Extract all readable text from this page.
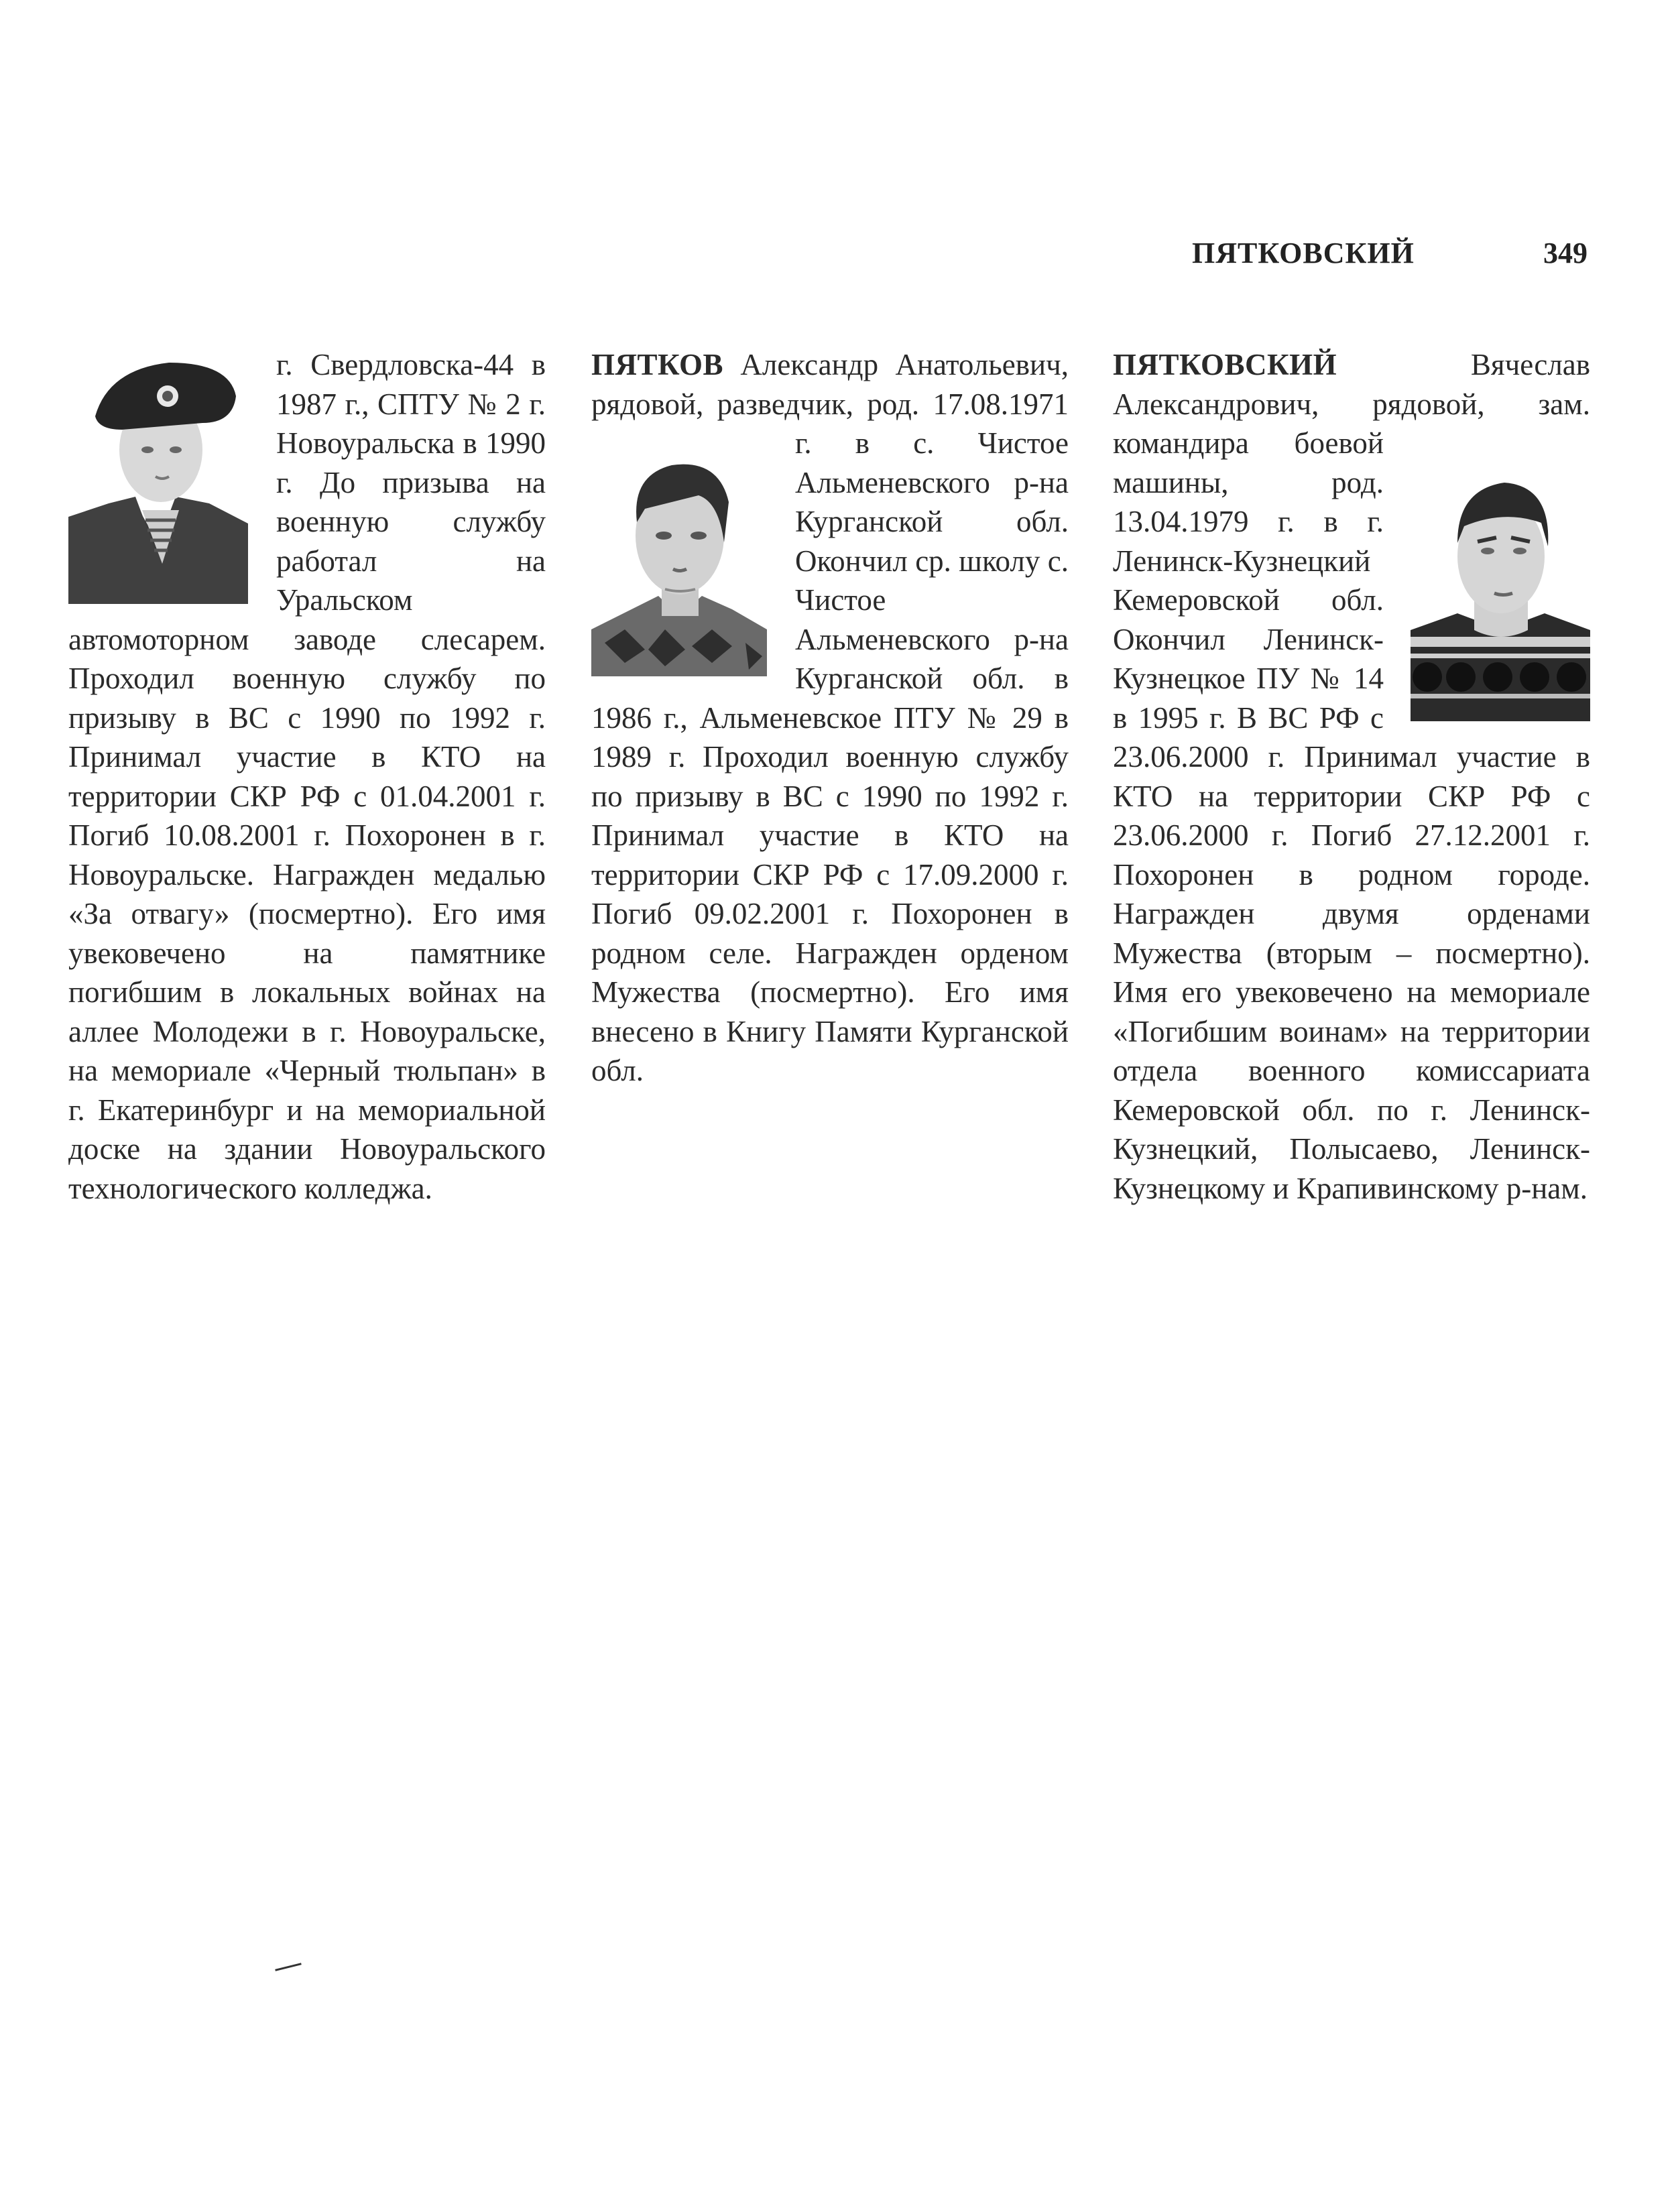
ПЯТКОВСКИЙ	349

г. Свердловска-44 в 1987 г., СПТУ № 2 г. Новоуральска в 1990 г. До призыва на военную службу работал на Уральском автомоторном заводе слесарем. Проходил военную службу по призыву в ВС с 1990 по 1992 г. Принимал участие в КТО на территории СКР РФ с 01.04.2001 г. Погиб 10.08.2001 г. Похоронен в г. Новоуральске. Награжден медалью «За отвагу» (посмертно). Его имя увековечено на памятнике погибшим в локальных войнах на аллее Молодежи в г. Новоуральске, на мемориале «Черный тюльпан» в г. Екатеринбург и на мемориальной доске на здании Новоуральского технологического колледжа.

ПЯТКОВ Александр Анатольевич, рядовой, разведчик, род. 17.08.1971 г. в с. Чистое Альменевского р-на Курганской обл. Окончил ср. школу с. Чистое Альменевского р-на Курганской обл. в 1986 г., Альменевское ПТУ № 29 в 1989 г. Проходил военную службу по призыву в ВС с 1990 по 1992 г. Принимал участие в КТО на территории СКР РФ с 17.09.2000 г. Погиб 09.02.2001 г. Похоронен в родном селе. Награжден орденом Мужества (посмертно). Его имя внесено в Книгу Памяти Курганской обл.

ПЯТКОВСКИЙ Вячеслав Александрович, рядовой, зам. командира боевой машины, род. 13.04.1979 г. в г. Ленинск-Кузнецкий Кемеровской обл. Окончил Ленинск-Кузнецкое ПУ № 14 в 1995 г. В ВС РФ с 23.06.2000 г. Принимал участие в КТО на территории СКР РФ с 23.06.2000 г. Погиб 27.12.2001 г. Похоронен в родном городе. Награжден двумя орденами Мужества (вторым – посмертно). Имя его увековечено на мемориале «Погибшим воинам» на территории отдела военного комиссариата Кемеровской обл. по г. Ленинск-Кузнецкий, Полысаево, Ленинск-Кузнецкому и Крапивинскому р-нам.
